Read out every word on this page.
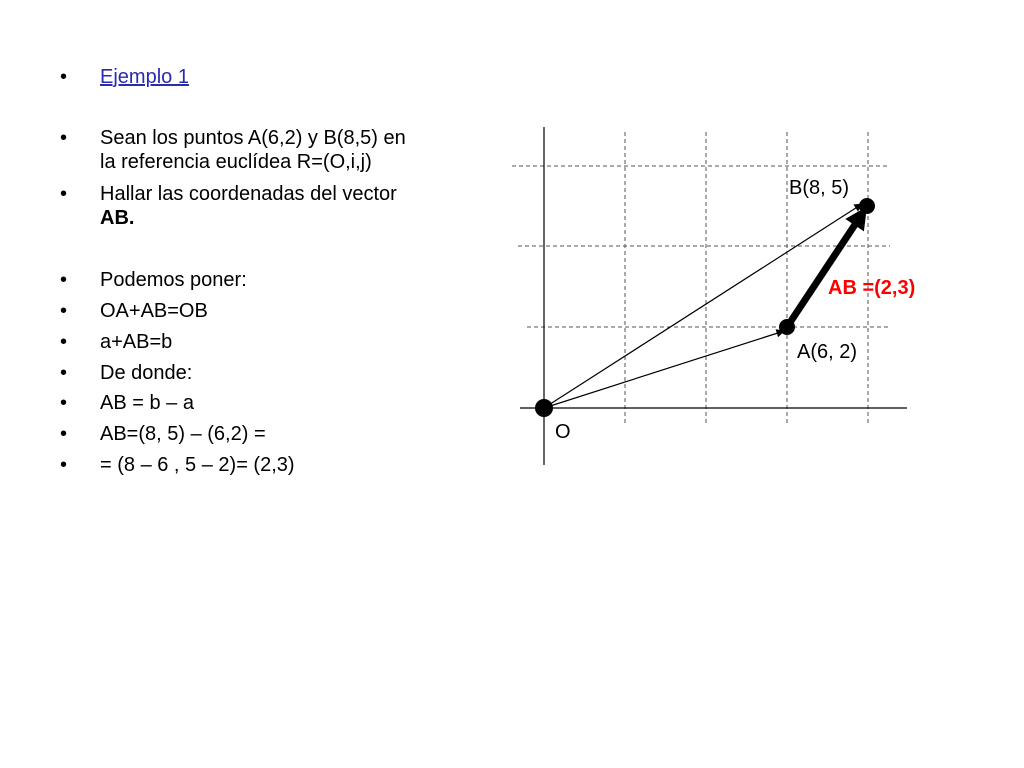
•	Ejemplo 1
•	Sean los puntos A(6,2) y B(8,5) en
la referencia euclídea R=(O,i,j)
•	Hallar las coordenadas del vector
AB.
•	Podemos poner:
•	OA+AB=OB
•	a+AB=b
•	De donde:
•	AB = b – a
•	AB=(8, 5) – (6,2) =
•	= (8 – 6 , 5 – 2)= (2,3)
B(8, 5)
A(6, 2)
O
AB =(2,3)
